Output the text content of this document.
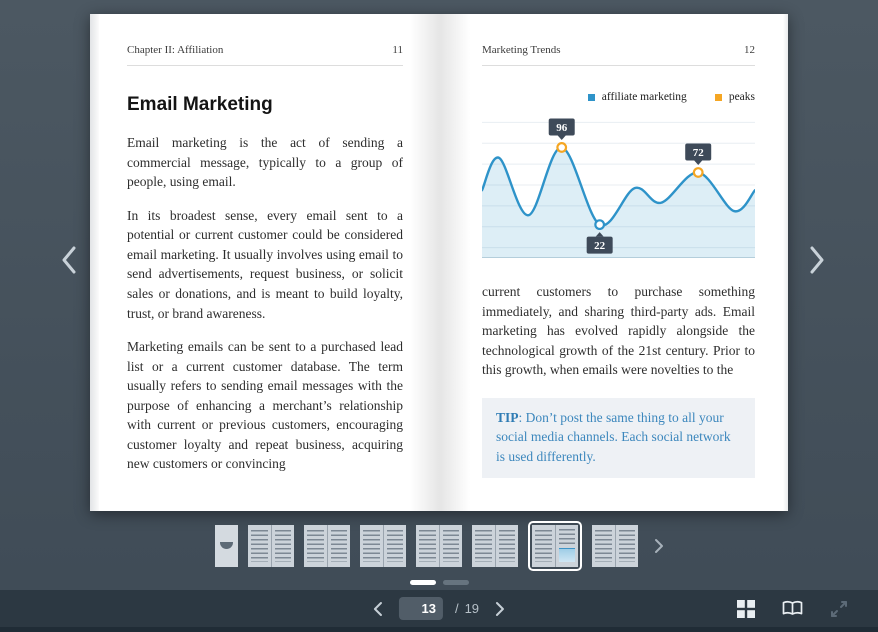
Chapter II: Affiliation	11
Email Marketing

Email marketing is the act of sending a commercial message, typically to a group of people, using email.

In its broadest sense, every email sent to a potential or current customer could be considered email marketing. It usually involves using email to send advertisements, request business, or solicit sales or donations, and is meant to build loyalty, trust, or brand awareness.

Marketing emails can be sent to a purchased lead list or a current customer database. The term usually refers to sending email messages with the purpose of enhancing a merchant’s relationship with current or previous customers, encouraging customer loyalty and repeat business, acquiring new customers or convincing

Marketing Trends	12
affiliate marketing	peaks
96
22
72

current customers to purchase something immediately, and sharing third-party ads. Email marketing has evolved rapidly alongside the technological growth of the 21st century. Prior to this growth, when emails were novelties to the

TIP: Don’t post the same thing to all your social media channels. Each social network is used differently.
13
/ 19
